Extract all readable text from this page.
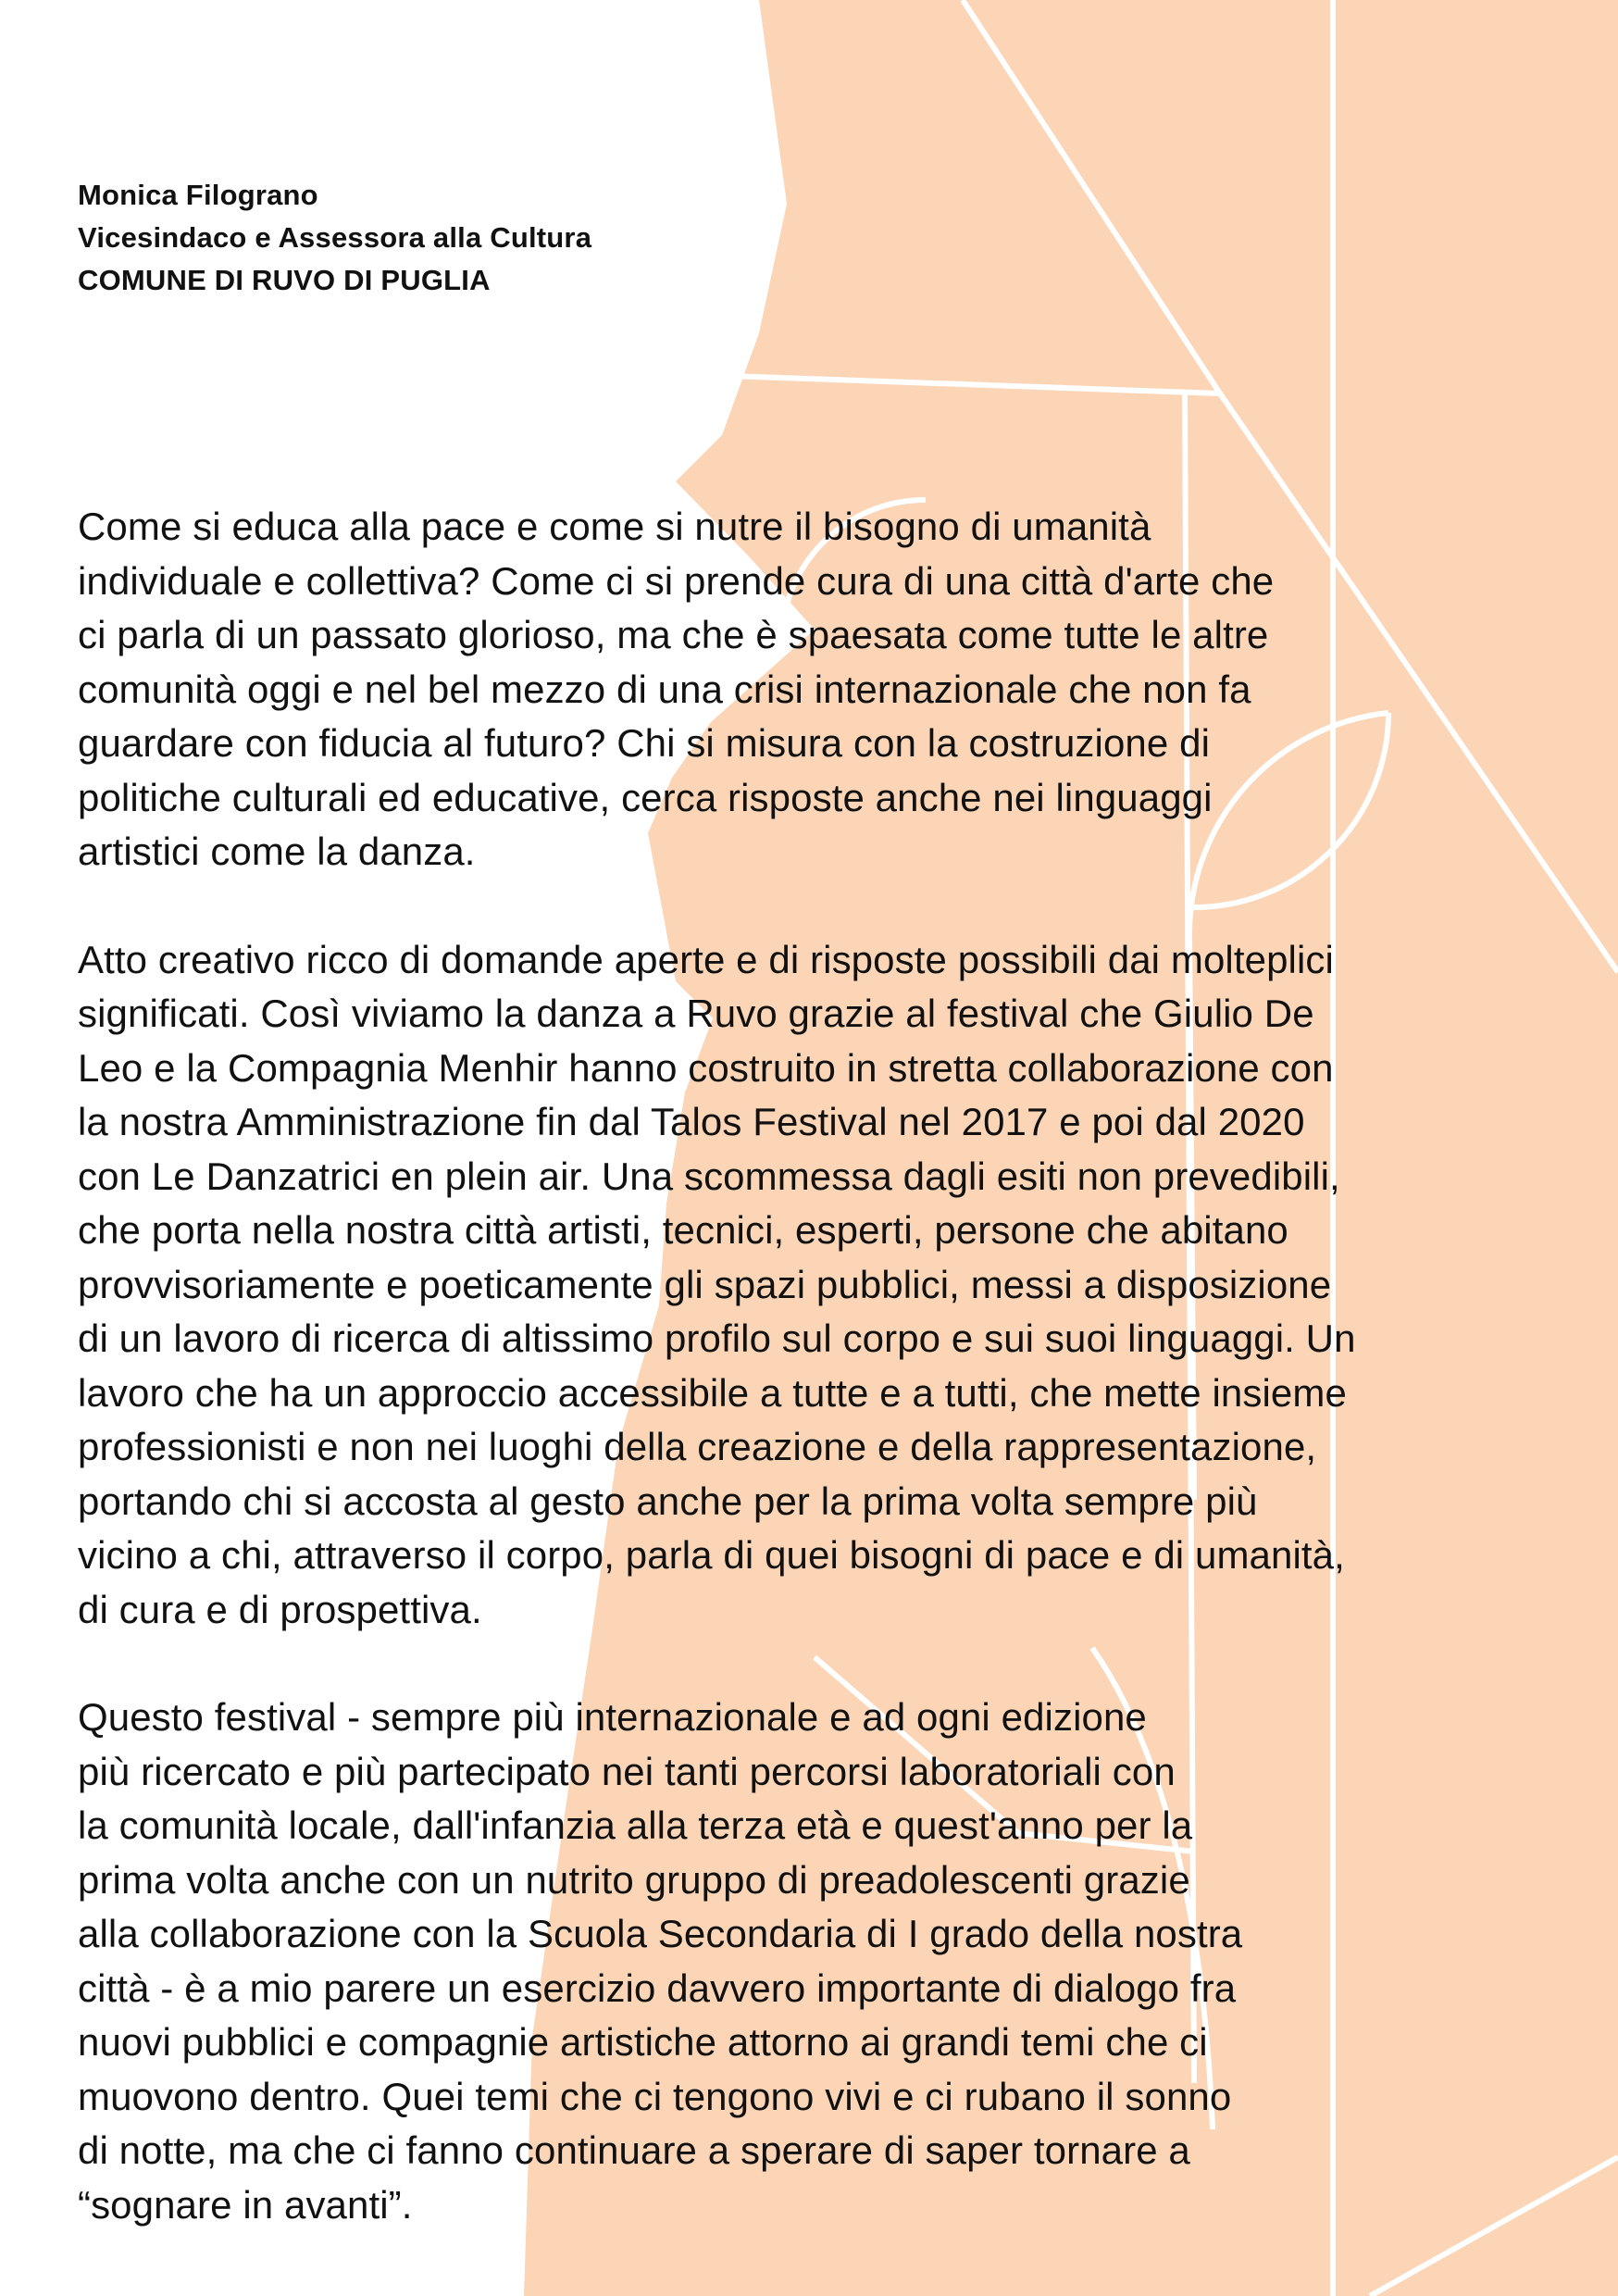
Monica Filograno
Vicesindaco e Assessora alla Cultura
COMUNE DI RUVO DI PUGLIA

Come si educa alla pace e come si nutre il bisogno di umanità
individuale e collettiva? Come ci si prende cura di una città d'arte che
ci parla di un passato glorioso, ma che è spaesata come tutte le altre
comunità oggi e nel bel mezzo di una crisi internazionale che non fa
guardare con fiducia al futuro? Chi si misura con la costruzione di
politiche culturali ed educative, cerca risposte anche nei linguaggi
artistici come la danza.

Atto creativo ricco di domande aperte e di risposte possibili dai molteplici
significati. Così viviamo la danza a Ruvo grazie al festival che Giulio De
Leo e la Compagnia Menhir hanno costruito in stretta collaborazione con
la nostra Amministrazione fin dal Talos Festival nel 2017 e poi dal 2020
con Le Danzatrici en plein air. Una scommessa dagli esiti non prevedibili,
che porta nella nostra città artisti, tecnici, esperti, persone che abitano
provvisoriamente e poeticamente gli spazi pubblici, messi a disposizione
di un lavoro di ricerca di altissimo profilo sul corpo e sui suoi linguaggi. Un
lavoro che ha un approccio accessibile a tutte e a tutti, che mette insieme
professionisti e non nei luoghi della creazione e della rappresentazione,
portando chi si accosta al gesto anche per la prima volta sempre più
vicino a chi, attraverso il corpo, parla di quei bisogni di pace e di umanità,
di cura e di prospettiva.

Questo festival - sempre più internazionale e ad ogni edizione
più ricercato e più partecipato nei tanti percorsi laboratoriali con
la comunità locale, dall'infanzia alla terza età e quest'anno per la
prima volta anche con un nutrito gruppo di preadolescenti grazie
alla collaborazione con la Scuola Secondaria di I grado della nostra
città - è a mio parere un esercizio davvero importante di dialogo fra
nuovi pubblici e compagnie artistiche attorno ai grandi temi che ci
muovono dentro. Quei temi che ci tengono vivi e ci rubano il sonno
di notte, ma che ci fanno continuare a sperare di saper tornare a
“sognare in avanti”.
